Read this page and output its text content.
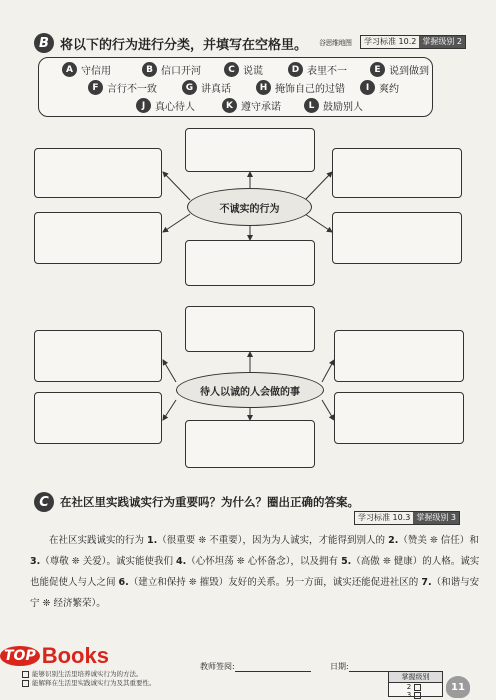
B 将以下的行为进行分类，并填写在空格里。 谷思维地图	学习标准 10.2 掌握级别 2
A 守信用	B 信口开河	C 说谎	D 表里不一	E 说到做到
F 言行不一致	G 讲真话	H 掩饰自己的过错	I 爽约
J 真心待人	K 遵守承诺	L 鼓励别人
不诚实的行为
待人以诚的人会做的事
C 在社区里实践诚实行为重要吗？为什么？圈出正确的答案。
学习标准 10.3 掌握级别 3
在社区实践诚实的行为 1.（很重要 ❊ 不重要），因为为人诚实，才能得到别人的 2.（赞美 ❊ 信任）和 3.（尊敬 ❊ 关爱）。诚实能使我们 4.（心怀坦荡 ❊ 心怀备念），以及拥有 5.（高傲 ❊ 健康）的人格。诚实也能促使人与人之间 6.（建立和保持 ❊ 摧毁）友好的关系。另一方面，诚实还能促进社区的 7.（和谐与安宁 ❊ 经济繁荣）。
教师签阅:	日期:
能够识别生活里培养诚实行为的方法。
能解释在生活里实践诚实行为及其重要性。
TOP Books
掌握级别
2
3
11
